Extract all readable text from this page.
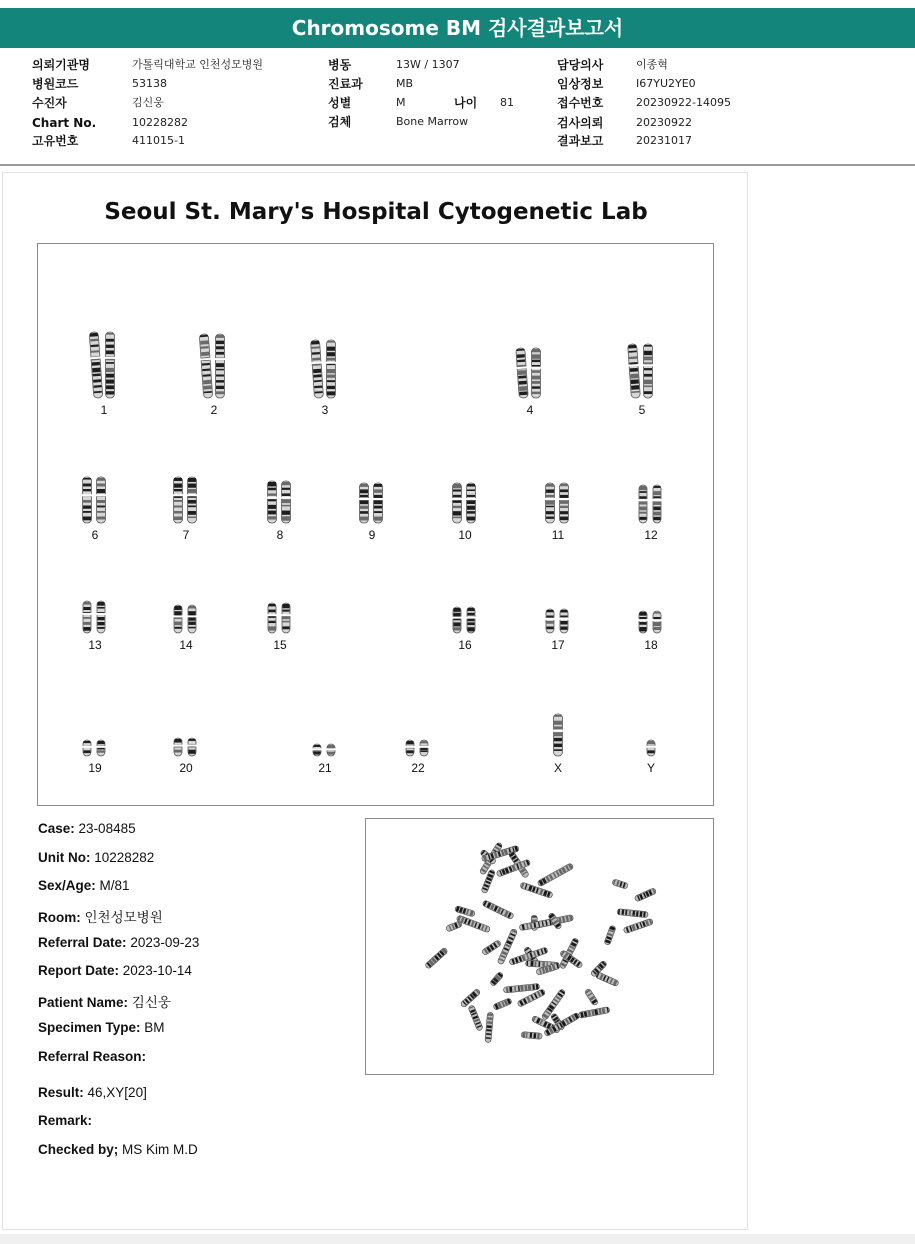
Chromosome BM 검사결과보고서
의뢰기관명	가톨릭대학교 인천성모병원
병원코드	53138
수진자	김신웅
Chart No.	10228282
고유번호	411015-1
병동	13W / 1307
진료과	MB
성별	M	나이 81
검체	Bone Marrow
담당의사	이종혁
임상정보	I67YU2YE0
접수번호	20230922-14095
검사의뢰	20230922
결과보고	20231017
Seoul St. Mary's Hospital Cytogenetic Lab
1	2	3	4	5
6	7	8	9	10	11	12
13	14	15	16	17	18
19	20	21	22	X	Y
Case: 23-08485
Unit No: 10228282
Sex/Age: M/81
Room: 인천성모병원
Referral Date: 2023-09-23
Report Date: 2023-10-14
Patient Name: 김신웅
Specimen Type: BM
Referral Reason:
Result: 46,XY[20]
Remark:
Checked by; MS Kim M.D
